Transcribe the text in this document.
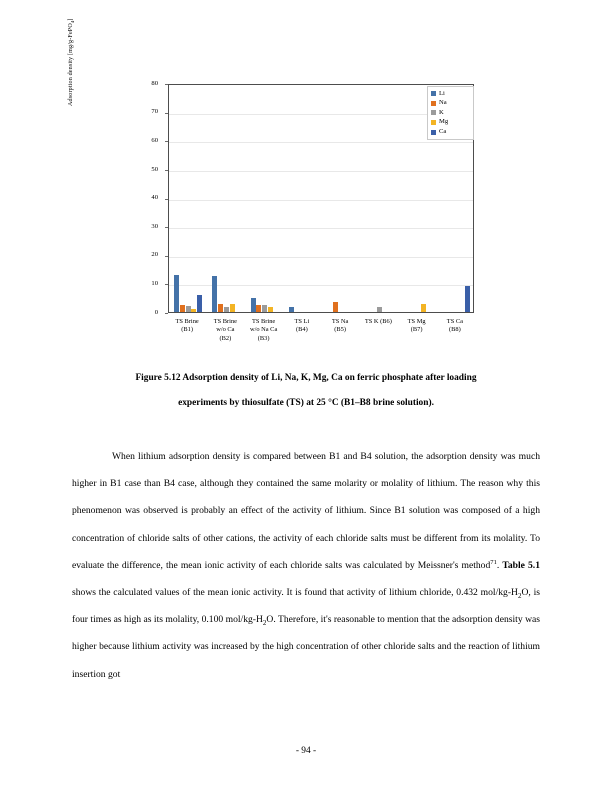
Adsorption density [mg/g-FePO$_4$]
0
10
20
30
40
50
60
70
80
TS Brine
(B1)
TS Brine
w/o Ca
(B2)
TS Brine
w/o Na Ca
(B3)
TS Li
(B4)
TS Na
(B5)
TS K (B6)	TS Mg
(B7)
TS Ca
(B8)
Li
Na
K
Mg
Ca
Figure 5.12 Adsorption density of Li, Na, K, Mg, Ca on ferric phosphate after loading
experiments by thiosulfate (TS) at 25 °C (B1–B8 brine solution).

When lithium adsorption density is compared between B1 and B4 solution, the adsorption density was much higher in B1 case than B4 case, although they contained the same molarity or molality of lithium. The reason why this phenomenon was observed is probably an effect of the activity of lithium. Since B1 solution was composed of a high concentration of chloride salts of other cations, the activity of each chloride salts must be different from its molality. To evaluate the difference, the mean ionic activity of each chloride salts was calculated by Meissner's method$^{71}$. Table 5.1 shows the calculated values of the mean ionic activity. It is found that activity of lithium chloride, 0.432 mol/$kg-H_2O$, is four times as high as its molality, 0.100 mol/$kg-H_2O$. Therefore, it's reasonable to mention that the adsorption density was higher because lithium activity was increased by the high concentration of other chloride salts and the reaction of lithium insertion got

- 94 -
